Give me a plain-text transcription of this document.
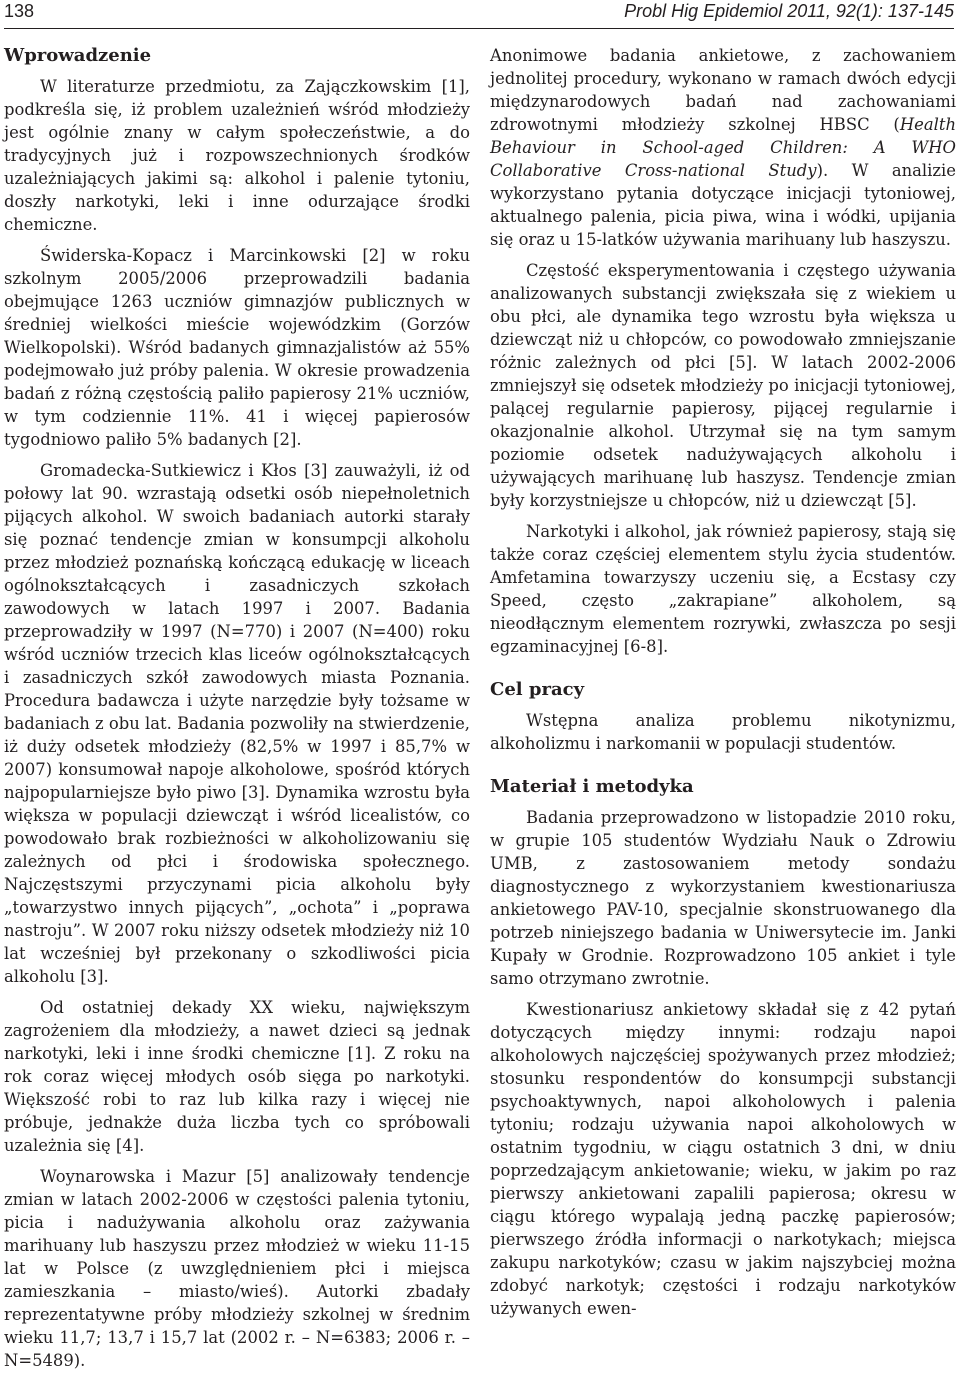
138	Probl Hig Epidemiol 2011, 92(1): 137-145
Wprowadzenie

W literaturze przedmiotu, za Zajączkowskim [1], podkreśla się, iż problem uzależnień wśród młodzieży jest ogólnie znany w całym społeczeństwie, a do tradycyjnych już i rozpowszechnionych środków uzależniających jakimi są: alkohol i palenie tytoniu, doszły narkotyki, leki i inne odurzające środki chemiczne.

Świderska-Kopacz i Marcinkowski [2] w roku szkolnym 2005/2006 przeprowadzili badania obejmujące 1263 uczniów gimnazjów publicznych w średniej wielkości mieście wojewódzkim (Gorzów Wielkopolski). Wśród badanych gimnazjalistów aż 55% podejmowało już próby palenia. W okresie prowadzenia badań z różną częstością paliło papierosy 21% uczniów, w tym codziennie 11%. 41 i więcej papierosów tygodniowo paliło 5% badanych [2].

Gromadecka-Sutkiewicz i Kłos [3] zauważyli, iż od połowy lat 90. wzrastają odsetki osób niepełnoletnich pijących alkohol. W swoich badaniach autorki starały się poznać tendencje zmian w konsumpcji alkoholu przez młodzież poznańską kończącą edukację w liceach ogólnokształcących i zasadniczych szkołach zawodowych w latach 1997 i 2007. Badania przeprowadziły w 1997 (N=770) i 2007 (N=400) roku wśród uczniów trzecich klas liceów ogólnokształcących i zasadniczych szkół zawodowych miasta Poznania. Procedura badawcza i użyte narzędzie były tożsame w badaniach z obu lat. Badania pozwoliły na stwierdzenie, iż duży odsetek młodzieży (82,5% w 1997 i 85,7% w 2007) konsumował napoje alkoholowe, spośród których najpopularniejsze było piwo [3]. Dynamika wzrostu była większa w populacji dziewcząt i wśród licealistów, co powodowało brak rozbieżności w alkoholizowaniu się zależnych od płci i środowiska społecznego. Najczęstszymi przyczynami picia alkoholu były „towarzystwo innych pijących”, „ochota” i „poprawa nastroju”. W 2007 roku niższy odsetek młodzieży niż 10 lat wcześniej był przekonany o szkodliwości picia alkoholu [3].

Od ostatniej dekady XX wieku, największym zagrożeniem dla młodzieży, a nawet dzieci są jednak narkotyki, leki i inne środki chemiczne [1]. Z roku na rok coraz więcej młodych osób sięga po narkotyki. Większość robi to raz lub kilka razy i więcej nie próbuje, jednakże duża liczba tych co spróbowali uzależnia się [4].

Woynarowska i Mazur [5] analizowały tendencje zmian w latach 2002-2006 w częstości palenia tytoniu, picia i nadużywania alkoholu oraz zażywania marihuany lub haszyszu przez młodzież w wieku 11-15 lat w Polsce (z uwzględnieniem płci i miejsca zamieszkania – miasto/wieś). Autorki zbadały reprezentatywne próby młodzieży szkolnej w średnim wieku 11,7; 13,7 i 15,7 lat (2002 r. – N=6383; 2006 r. – N=5489).

Anonimowe badania ankietowe, z zachowaniem jednolitej procedury, wykonano w ramach dwóch edycji międzynarodowych badań nad zachowaniami zdrowotnymi młodzieży szkolnej HBSC (Health Behaviour in School-aged Children: A WHO Collaborative Cross-national Study). W analizie wykorzystano pytania dotyczące inicjacji tytoniowej, aktualnego palenia, picia piwa, wina i wódki, upijania się oraz u 15-latków używania marihuany lub haszyszu.

Częstość eksperymentowania i częstego używania analizowanych substancji zwiększała się z wiekiem u obu płci, ale dynamika tego wzrostu była większa u dziewcząt niż u chłopców, co powodowało zmniejszanie różnic zależnych od płci [5]. W latach 2002-2006 zmniejszył się odsetek młodzieży po inicjacji tytoniowej, palącej regularnie papierosy, pijącej regularnie i okazjonalnie alkohol. Utrzymał się na tym samym poziomie odsetek nadużywających alkoholu i używających marihuanę lub haszysz. Tendencje zmian były korzystniejsze u chłopców, niż u dziewcząt [5].

Narkotyki i alkohol, jak również papierosy, stają się także coraz częściej elementem stylu życia studentów. Amfetamina towarzyszy uczeniu się, a Ecstasy czy Speed, często „zakrapiane” alkoholem, są nieodłącznym elementem rozrywki, zwłaszcza po sesji egzaminacyjnej [6-8].

Cel pracy

Wstępna analiza problemu nikotynizmu, alkoholizmu i narkomanii w populacji studentów.

Materiał i metodyka

Badania przeprowadzono w listopadzie 2010 roku, w grupie 105 studentów Wydziału Nauk o Zdrowiu UMB, z zastosowaniem metody sondażu diagnostycznego z wykorzystaniem kwestionariusza ankietowego PAV-10, specjalnie skonstruowanego dla potrzeb niniejszego badania w Uniwersytecie im. Janki Kupały w Grodnie. Rozprowadzono 105 ankiet i tyle samo otrzymano zwrotnie.

Kwestionariusz ankietowy składał się z 42 pytań dotyczących między innymi: rodzaju napoi alkoholowych najczęściej spożywanych przez młodzież; stosunku respondentów do konsumpcji substancji psychoaktywnych, napoi alkoholowych i palenia tytoniu; rodzaju używania napoi alkoholowych w ostatnim tygodniu, w ciągu ostatnich 3 dni, w dniu poprzedzającym ankietowanie; wieku, w jakim po raz pierwszy ankietowani zapalili papierosa; okresu w ciągu którego wypalają jedną paczkę papierosów; pierwszego źródła informacji o narkotykach; miejsca zakupu narkotyków; czasu w jakim najszybciej można zdobyć narkotyk; częstości i rodzaju narkotyków używanych ewen-
